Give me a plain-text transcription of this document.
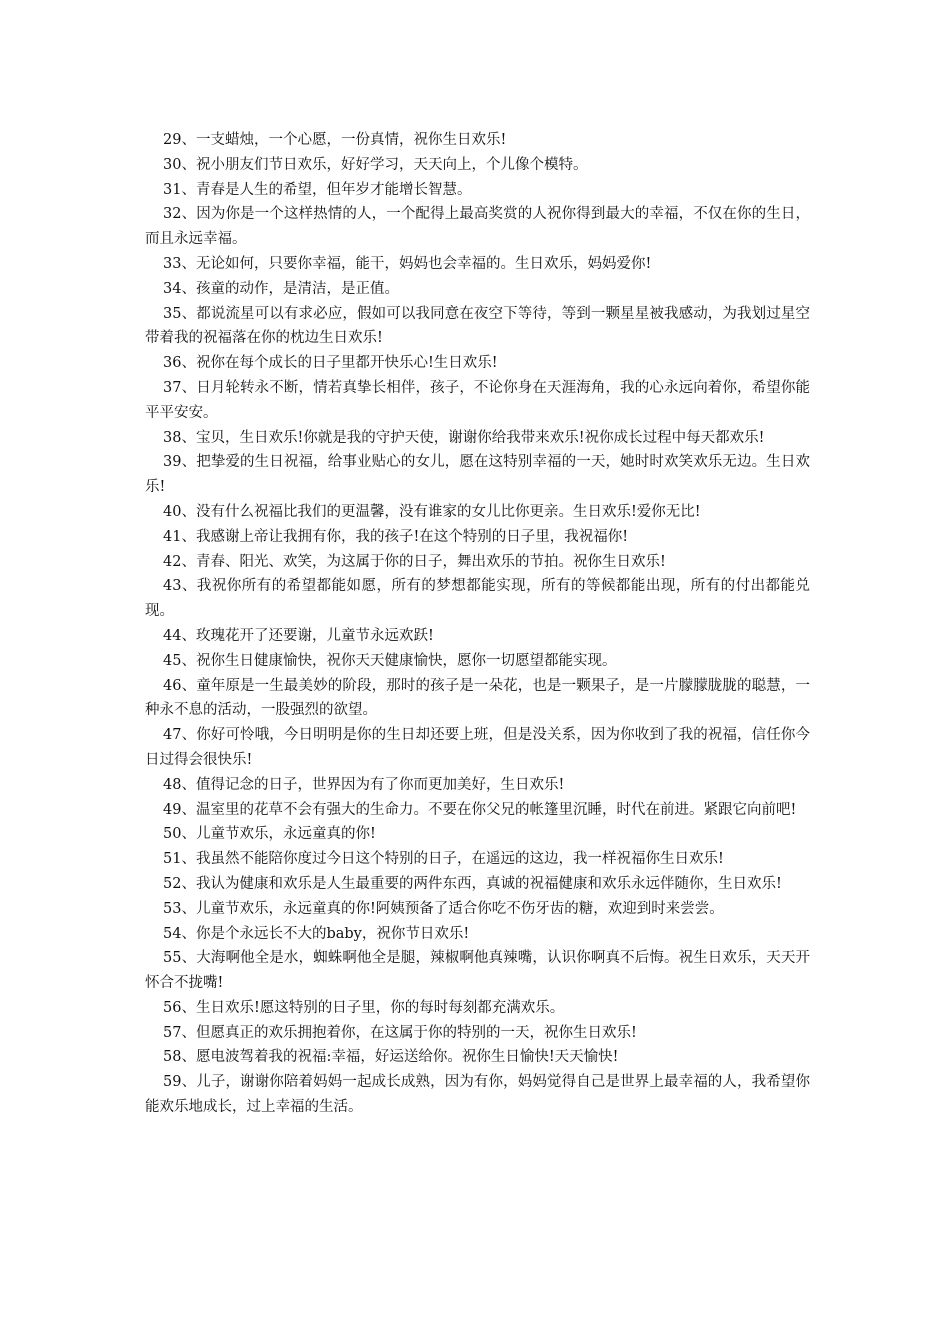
29、一支蜡烛，一个心愿，一份真情，祝你生日欢乐!

30、祝小朋友们节日欢乐，好好学习，天天向上，个儿像个模特。

31、青春是人生的希望，但年岁才能增长智慧。

32、因为你是一个这样热情的人，一个配得上最高奖赏的人祝你得到最大的幸福，不仅在你的生日，而且永远幸福。

33、无论如何，只要你幸福，能干，妈妈也会幸福的。生日欢乐，妈妈爱你!

34、孩童的动作，是清洁，是正值。

35、都说流星可以有求必应，假如可以我同意在夜空下等待，等到一颗星星被我感动，为我划过星空带着我的祝福落在你的枕边生日欢乐!

36、祝你在每个成长的日子里都开快乐心!生日欢乐!

37、日月轮转永不断，情若真挚长相伴，孩子，不论你身在天涯海角，我的心永远向着你，希望你能平平安安。

38、宝贝，生日欢乐!你就是我的守护天使，谢谢你给我带来欢乐!祝你成长过程中每天都欢乐!

39、把挚爱的生日祝福，给事业贴心的女儿，愿在这特别幸福的一天，她时时欢笑欢乐无边。生日欢乐!

40、没有什么祝福比我们的更温馨，没有谁家的女儿比你更亲。生日欢乐!爱你无比!

41、我感谢上帝让我拥有你，我的孩子!在这个特别的日子里，我祝福你!

42、青春、阳光、欢笑，为这属于你的日子，舞出欢乐的节拍。祝你生日欢乐!

43、我祝你所有的希望都能如愿，所有的梦想都能实现，所有的等候都能出现，所有的付出都能兑现。

44、玫瑰花开了还要谢，儿童节永远欢跃!

45、祝你生日健康愉快，祝你天天健康愉快，愿你一切愿望都能实现。

46、童年原是一生最美妙的阶段，那时的孩子是一朵花，也是一颗果子，是一片朦朦胧胧的聪慧，一种永不息的活动，一股强烈的欲望。

47、你好可怜哦，今日明明是你的生日却还要上班，但是没关系，因为你收到了我的祝福，信任你今日过得会很快乐!

48、值得记念的日子，世界因为有了你而更加美好，生日欢乐!

49、温室里的花草不会有强大的生命力。不要在你父兄的帐篷里沉睡，时代在前进。紧跟它向前吧!

50、儿童节欢乐，永远童真的你!

51、我虽然不能陪你度过今日这个特别的日子，在遥远的这边，我一样祝福你生日欢乐!

52、我认为健康和欢乐是人生最重要的两件东西，真诚的祝福健康和欢乐永远伴随你，生日欢乐!

53、儿童节欢乐，永远童真的你!阿姨预备了适合你吃不伤牙齿的糖，欢迎到时来尝尝。

54、你是个永远长不大的baby，祝你节日欢乐!

55、大海啊他全是水，蜘蛛啊他全是腿，辣椒啊他真辣嘴，认识你啊真不后悔。祝生日欢乐，天天开怀合不拢嘴!

56、生日欢乐!愿这特别的日子里，你的每时每刻都充满欢乐。

57、但愿真正的欢乐拥抱着你，在这属于你的特别的一天，祝你生日欢乐!

58、愿电波驾着我的祝福:幸福，好运送给你。祝你生日愉快!天天愉快!

59、儿子，谢谢你陪着妈妈一起成长成熟，因为有你，妈妈觉得自己是世界上最幸福的人，我希望你能欢乐地成长，过上幸福的生活。
